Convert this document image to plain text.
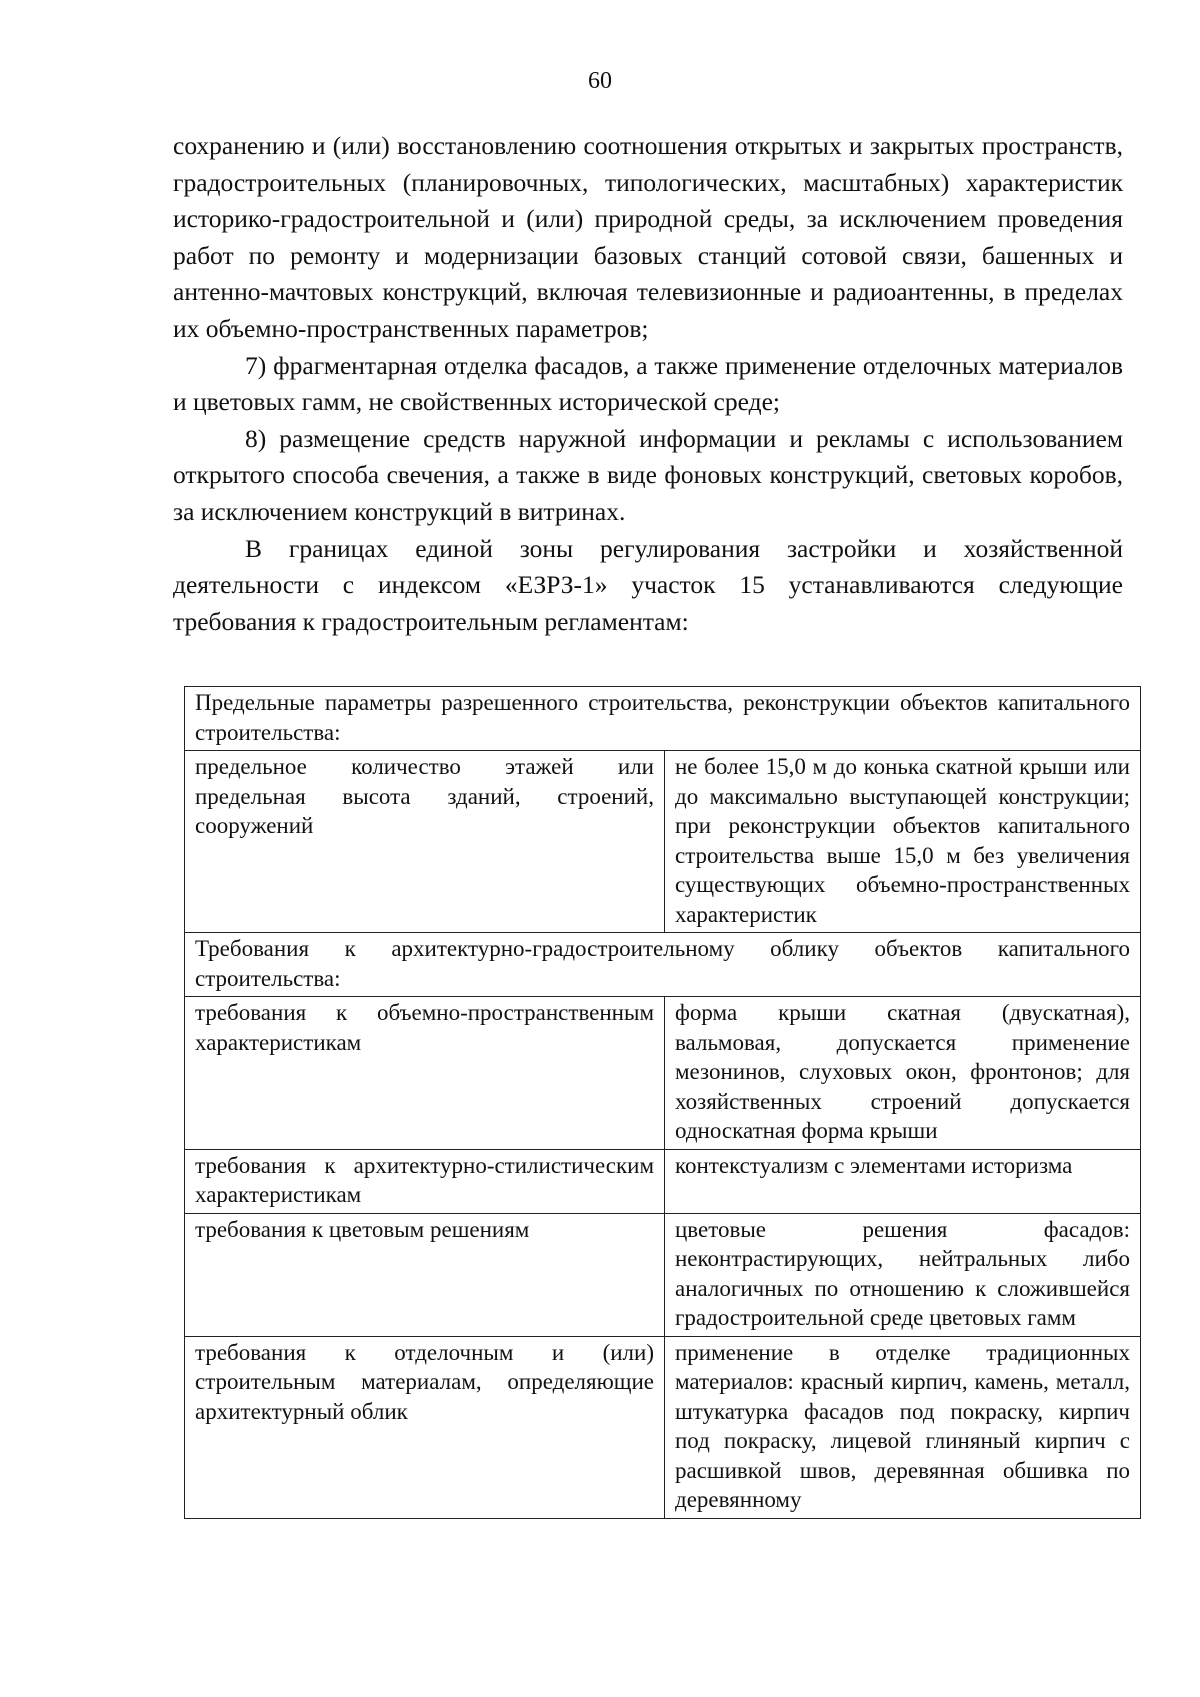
60

сохранению и (или) восстановлению соотношения открытых и закрытых пространств, градостроительных (планировочных, типологических, масштабных) характеристик историко-градостроительной и (или) природной среды, за исключением проведения работ по ремонту и модернизации базовых станций сотовой связи, башенных и антенно-мачтовых конструкций, включая телевизионные и радиоантенны, в пределах их объемно-пространственных параметров;

7) фрагментарная отделка фасадов, а также применение отделочных материалов и цветовых гамм, не свойственных исторической среде;

8) размещение средств наружной информации и рекламы с использованием открытого способа свечения, а также в виде фоновых конструкций, световых коробов, за исключением конструкций в витринах.

В границах единой зоны регулирования застройки и хозяйственной деятельности с индексом «ЕЗРЗ-1» участок 15 устанавливаются следующие требования к градостроительным регламентам:

Предельные параметры разрешенного строительства, реконструкции объектов капитального строительства:	
предельное количество этажей или предельная высота зданий, строений, сооружений	не более 15,0 м до конька скатной крыши или до максимально выступающей конструкции; при реконструкции объектов капитального строительства выше 15,0 м без увеличения существующих объемно-пространственных характеристик
Требования к архитектурно-градостроительному облику объектов капитального строительства:	
требования к объемно-пространственным характеристикам	форма крыши скатная (двускатная), вальмовая, допускается применение мезонинов, слуховых окон, фронтонов; для хозяйственных строений допускается односкатная форма крыши
требования к архитектурно-стилистическим характеристикам	контекстуализм с элементами историзма
требования к цветовым решениям	цветовые решения фасадов: неконтрастирующих, нейтральных либо аналогичных по отношению к сложившейся градостроительной среде цветовых гамм
требования к отделочным и (или) строительным материалам, определяющие архитектурный облик	применение в отделке традиционных материалов: красный кирпич, камень, металл, штукатурка фасадов под покраску, кирпич под покраску, лицевой глиняный кирпич с расшивкой швов, деревянная обшивка по деревянному
